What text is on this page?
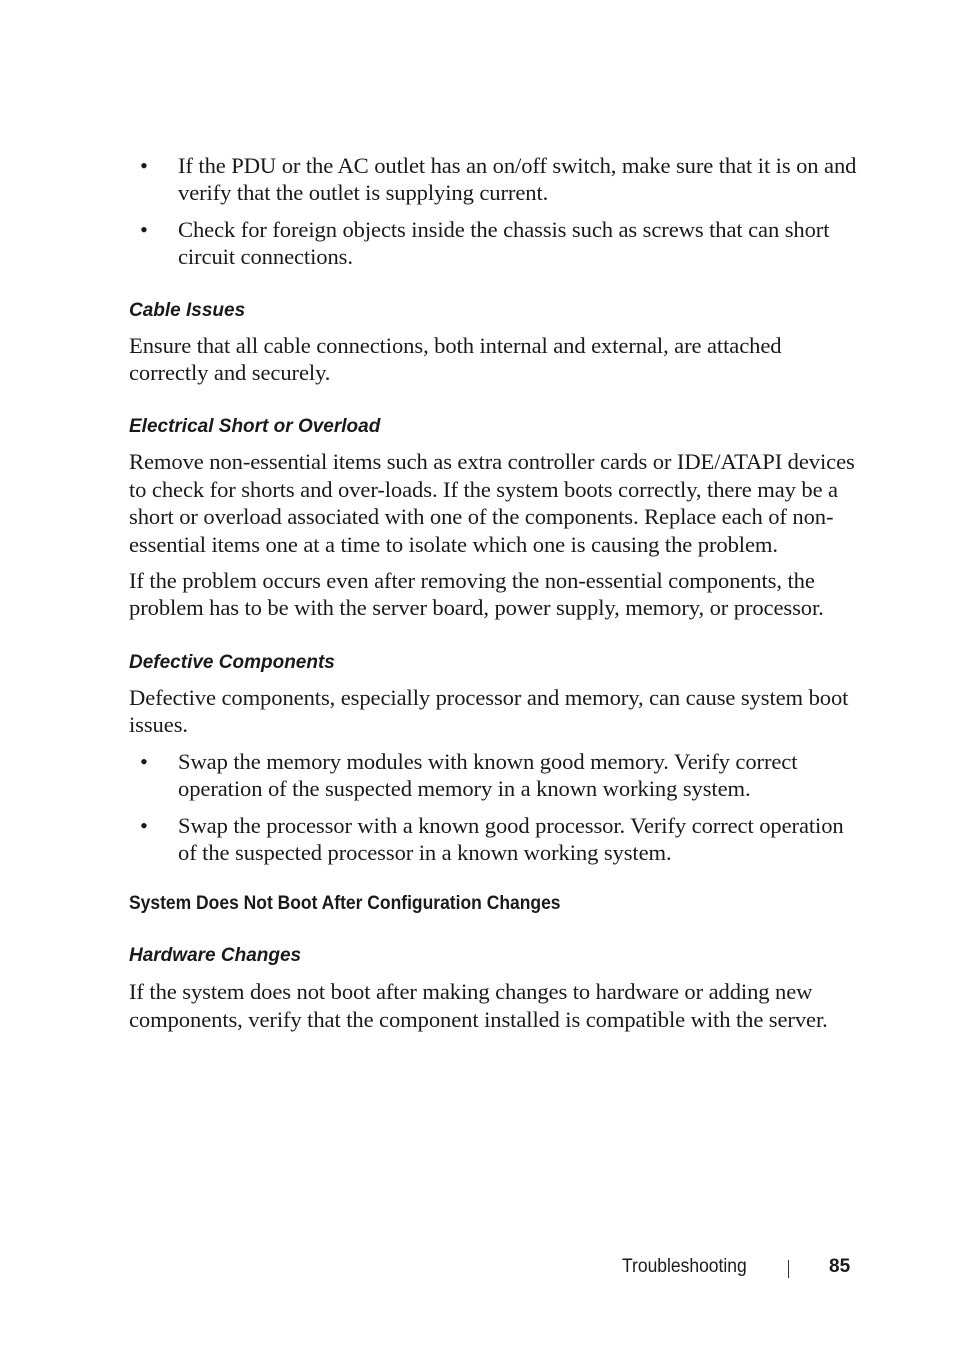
• If the PDU or the AC outlet has an on/off switch, make sure that it is on and verify that the outlet is supplying current.
• Check for foreign objects inside the chassis such as screws that can short circuit connections.
Cable Issues

Ensure that all cable connections, both internal and external, are attached correctly and securely.

Electrical Short or Overload

Remove non-essential items such as extra controller cards or IDE/ATAPI devices to check for shorts and over-loads. If the system boots correctly, there may be a short or overload associated with one of the components. Replace each of non-essential items one at a time to isolate which one is causing the problem.

If the problem occurs even after removing the non-essential components, the problem has to be with the server board, power supply, memory, or processor.

Defective Components

Defective components, especially processor and memory, can cause system boot issues.

• Swap the memory modules with known good memory. Verify correct operation of the suspected memory in a known working system.
• Swap the processor with a known good processor. Verify correct operation of the suspected processor in a known working system.
System Does Not Boot After Configuration Changes
Hardware Changes

If the system does not boot after making changes to hardware or adding new components, verify that the component installed is compatible with the server.

Troubleshooting	85
